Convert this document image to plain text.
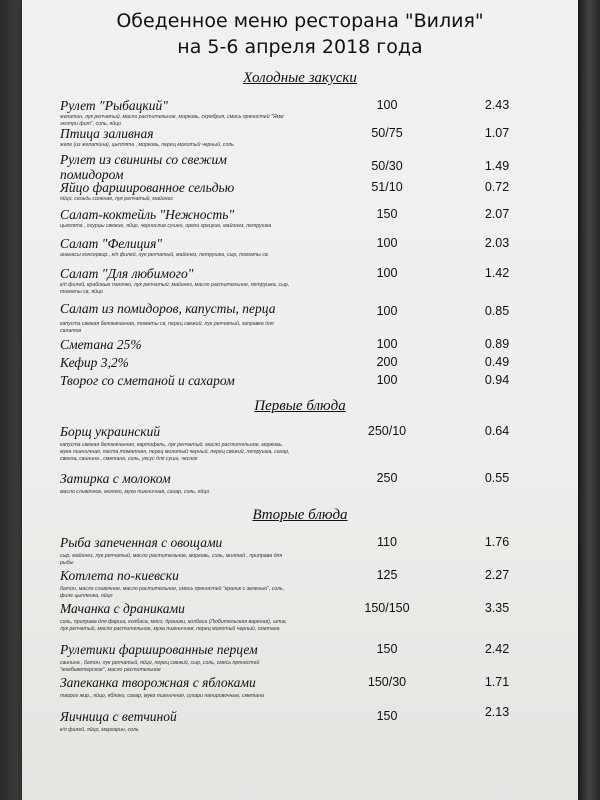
Обеденное меню ресторана "Вилия"
на 5-6 апреля 2018 года
Холодные закуски
Рулет "Рыбацкий"
желатин, лук репчатый, масло растительное, морковь, скумбрия, смесь пряностей "Ямм экотри фит", соль, яйцо
100	2.43
Птица заливная
желе (из желатина), цыплята , морковь, перец молотый черный, соль
50/75	1.07
Рулет из свинины со свежим помидором
50/30	1.49
Яйцо фаршированное сельдью
яйцо, сельдь соленая, лук репчатый, майонез
51/10	0.72
Салат-коктейль "Нежность"
цыплята , огурцы свежие, яйцо, чернослив сушен, орехи грецкие, майонез, петрушка
150	2.07
Салат "Фелиция"
ананасы консервир., к/п филей, лук репчатый, майонез, петрушка, сыр, томаты св.
100	2.03
Салат "Для любимого"
к/п филей, крабовые палочки, лук репчатый, майонез, масло растительное, петрушка, сыр, томаты св, яйцо
100	1.42
Салат из помидоров, капусты, перца
капуста свежая белокачанная, томаты св, перец свежий, лук репчатый, заправка для салатов
100	0.85
Сметана 25%	100	0.89
Кефир 3,2%	200	0.49
Творог со сметаной и сахаром	100	0.94
Первые блюда
Борщ украинский
капуста свежая белокачанная, картофель, лук репчатый, масло растительное, морковь, мука пшеничная, паста томатная, перец молотый черный, перец свежий, петрушка, сахар, свекла, свинина , сметана, соль, уксус для суши, чеснок
250/10	0.64
Затирка с молоком
масло сливочное, молоко, мука пшеничная, сахар, соль, яйцо
250	0.55
Вторые блюда
Рыба запеченная с овощами
сыр, майонез, лук репчатый, масло растительное, морковь, соль, минтай , приправа для рыбы
110	1.76
Котлета по-киевски
батон, масло сливочное, масло растительное, смесь пряностей "кралик с зеленью", соль, филе цыпленка, яйцо
125	2.27
Мачанка с драниками
соль, приправа для фарша, колбаса, мясо, драники, колбаса (Любительская вареная), шпик, лук репчатый, масло растительное, мука пшеничная, перец молотый черный, сметана
150/150	3.35
Рулетики фаршированные перцем
свинина , батон, лук репчатый, яйцо, перец свежий, сыр, соль, смесь пряностей "комбиветерское", масло растительное
150	2.42
Запеканка творожная с яблоками
творог жир., яйцо, яблоки, сахар, мука пшеничная, сухари панировочные, сметана
150/30	1.71
Яичница с ветчиной
к/п филей, яйцо, маргарин, соль
150	2.13
